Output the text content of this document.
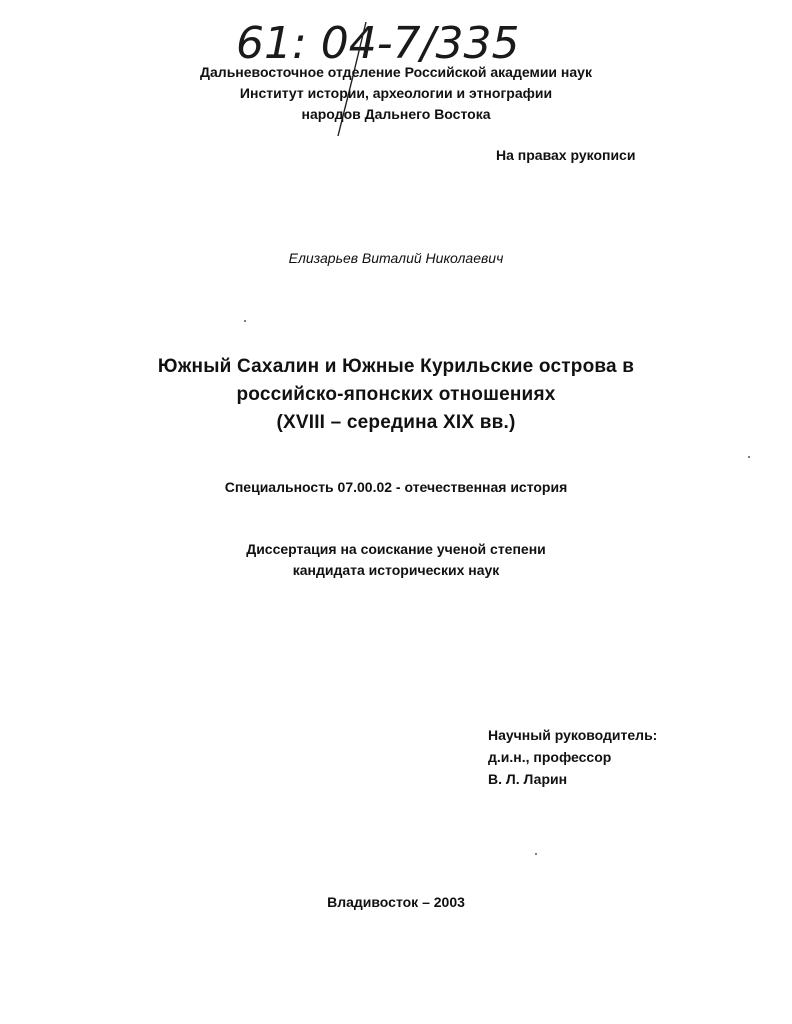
61: 04-7/335
Дальневосточное отделение Российской академии наук
Институт истории, археологии и этнографии
народов Дальнего Востока
На правах рукописи
Елизарьев Виталий Николаевич
Южный Сахалин и Южные Курильские острова в
российско-японских отношениях
(XVIII – середина XIX вв.)
Специальность 07.00.02 - отечественная история
Диссертация на соискание ученой степени
кандидата исторических наук
Научный руководитель:
д.и.н., профессор
В. Л. Ларин
Владивосток – 2003
